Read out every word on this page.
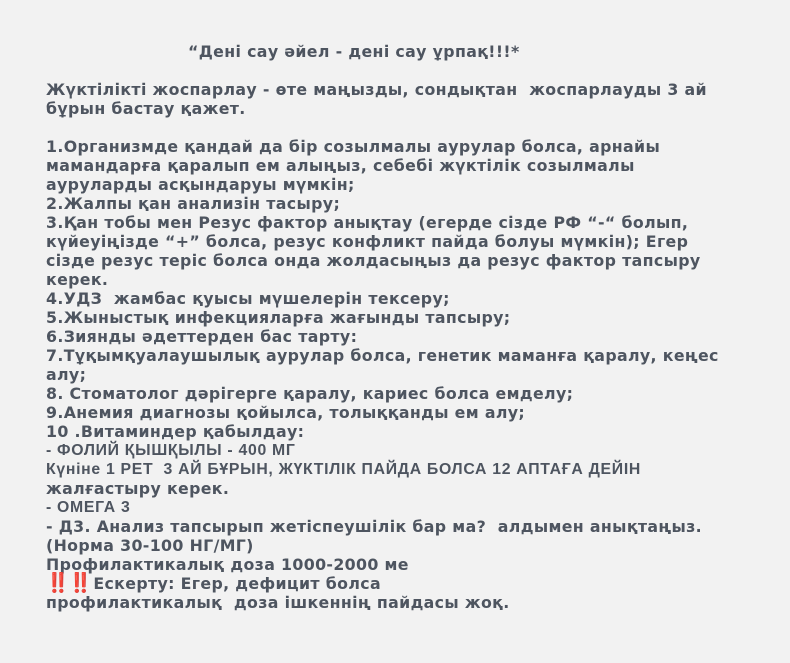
“Дені сау әйел - дені сау ұрпақ!!!*
Жүктілікті жоспарлау - өте маңызды, сондықтан  жоспарлауды 3 ай
бұрын бастау қажет.
1.Организмде қандай да бір созылмалы аурулар болса, арнайы
мамандарға қаралып ем алыңыз, себебі жүктілік созылмалы
ауруларды асқындаруы мүмкін;
2.Жалпы қан анализін тасыру;
3.Қан тобы мен Резус фактор анықтау (егерде сізде РФ “-“ болып,
күйеуіңізде “+” болса, резус конфликт пайда болуы мүмкін); Егер
сізде резус теріс болса онда жолдасыңыз да резус фактор тапсыру
керек.
4.УДЗ  жамбас қуысы мүшелерін тексеру;
5.Жыныстық инфекцияларға жағынды тапсыру;
6.Зиянды әдеттерден бас тарту:
7.Тұқымқуалаушылық аурулар болса, генетик маманға қаралу, кеңес
алу;
8. Стоматолог дәрігерге қаралу, кариес болса емделу;
9.Анемия диагнозы қойылса, толыққанды ем алу;
10 .Витаминдер қабылдау:
- ФОЛИЙ ҚЫШҚЫЛЫ - 400 МГ
Күніне 1 РЕТ  3 АЙ БҰРЫН, ЖҮКТІЛІК ПАЙДА БОЛСА 12 АПТАҒА ДЕЙІН
жалғастыру керек.
- ОМЕГА 3
- Д3. Анализ тапсырып жетіспеушілік бар ма?  алдымен анықтаңыз.
(Норма 30-100 НГ/МГ)
Профилактикалық доза 1000-2000 ме
‼️‼️ Ескерту: Егер, дефицит болса
профилактикалық  доза ішкеннің пайдасы жоқ.
